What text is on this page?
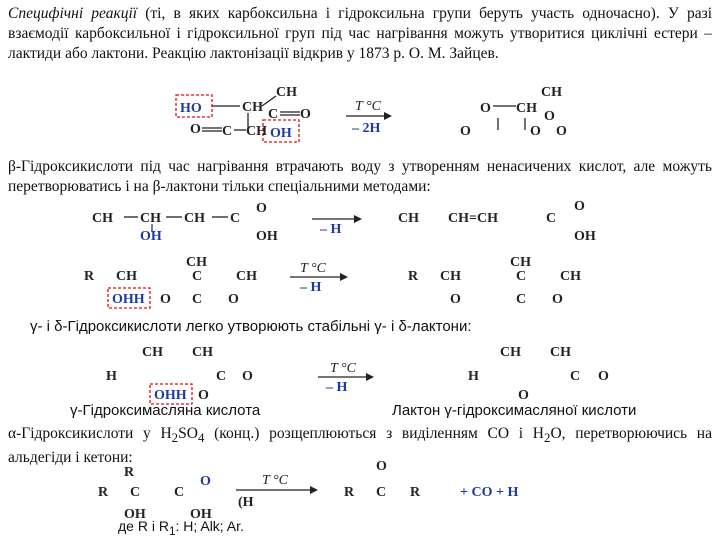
Специфічні реакції (ті, в яких карбоксильна і гідроксильна групи беруть участь одночасно). У разі взаємодії карбоксильної і гідроксильної груп під час нагрівання можуть утворитися циклічні естери – лактиди або лактони. Реакцію лактонізації відкрив у 1873 р. О. М. Зайцев.

β-Гідроксикислоти під час нагрівання втрачають воду з утворенням ненасичених кислот, але можуть перетворюватись і на β-лактони тільки спеціальними методами:

γ- і δ-Гідроксикислоти легко утворюють стабільні γ- і δ-лактони:
γ-Гідроксимасляна кислота	Лактон γ-гідроксимасляної кислоти

α-Гідроксикислоти у $H_2SO_4$ (конц.) розщеплюються з виділенням CO і $H_2O$, перетворюючись на альдегіди і кетони:

де R і $R_1$: H; Alk; Ar.
HO	CH
CH
C O
OH
O C CH
T °C
– 2H
O CH
CH
O
O	O O
CH CH CH C
O
OH	OH	– H
CH CH=CH	C
O
OH
R CH
CH
C CH
OHH O C O
T °C
– H
R CH
CH
C CH
O	C O
CH CH
H	C O
OHH O
T °C
– H
CH CH
H	C O
O
R C
R
C
O
OH	OH
T °C
(H
R C
O
R	+ CO + H
